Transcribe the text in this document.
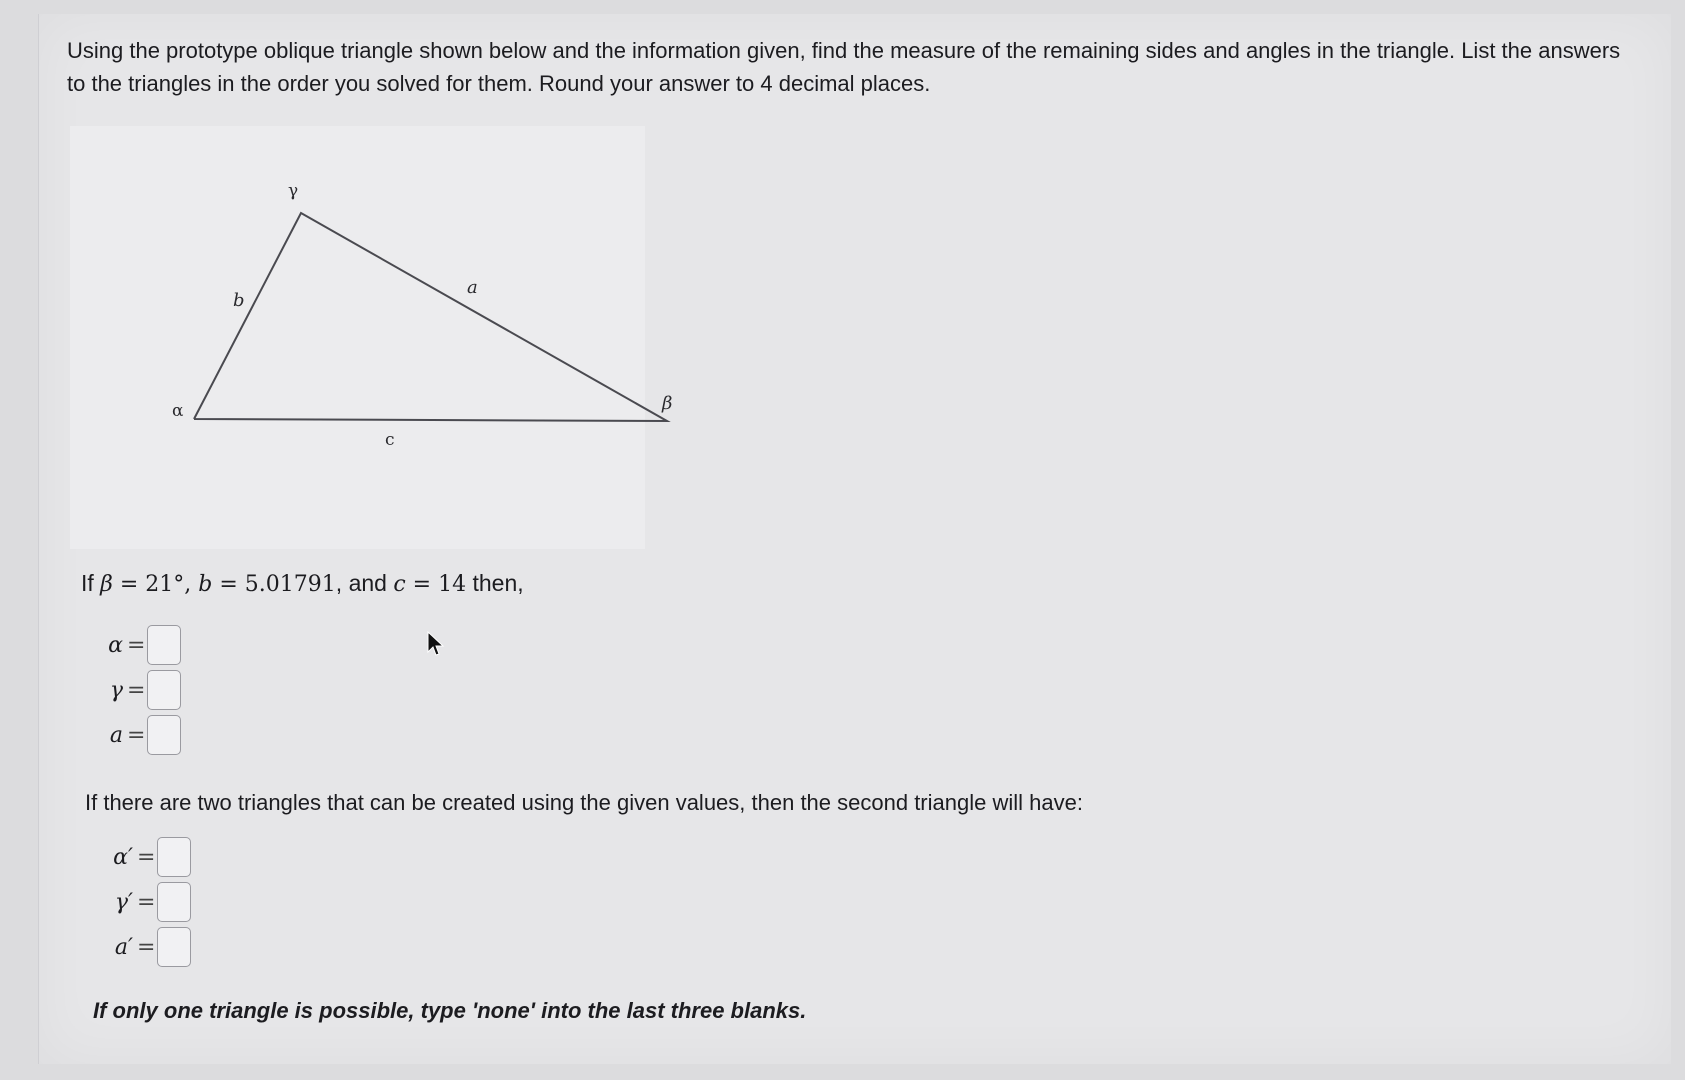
Using the prototype oblique triangle shown below and the information given, find the measure of the remaining sides and angles in the triangle. List the answers to the triangles in the order you solved for them. Round your answer to 4 decimal places.

γ
b
a
α	β
c
If β = 21°, b = 5.01791, and c = 14 then,
α =
γ =
a =
If there are two triangles that can be created using the given values, then the second triangle will have:
α′ =
γ′ =
a′ =
If only one triangle is possible, type 'none' into the last three blanks.
